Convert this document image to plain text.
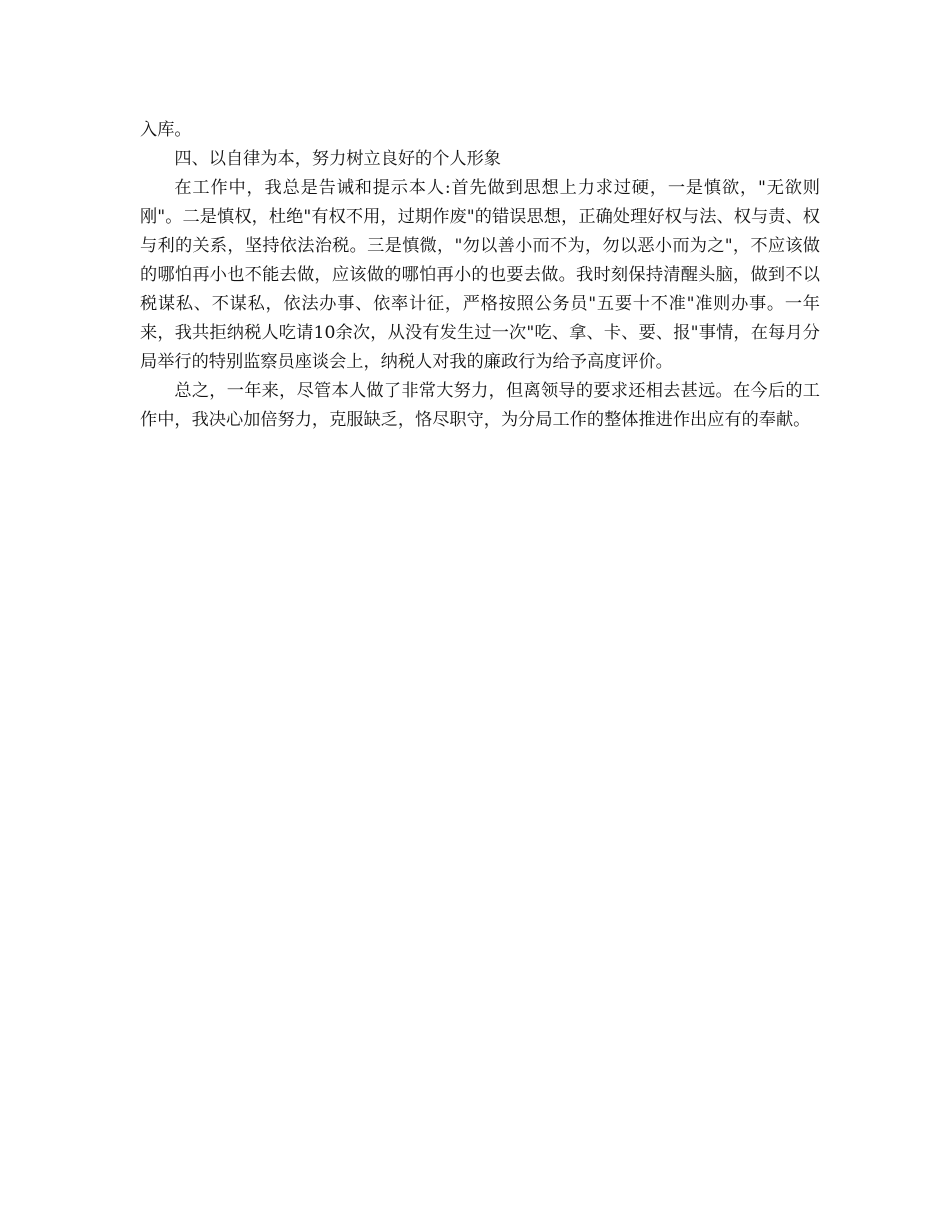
入库。

四、以自律为本，努力树立良好的个人形象

在工作中，我总是告诫和提示本人:首先做到思想上力求过硬，一是慎欲，"无欲则刚"。二是慎权，杜绝"有权不用，过期作废"的错误思想，正确处理好权与法、权与责、权与利的关系，坚持依法治税。三是慎微，"勿以善小而不为，勿以恶小而为之"，不应该做的哪怕再小也不能去做，应该做的哪怕再小的也要去做。我时刻保持清醒头脑，做到不以税谋私、不谋私，依法办事、依率计征，严格按照公务员"五要十不准"准则办事。一年来，我共拒纳税人吃请10余次，从没有发生过一次"吃、拿、卡、要、报"事情，在每月分局举行的特别监察员座谈会上，纳税人对我的廉政行为给予高度评价。

总之，一年来，尽管本人做了非常大努力，但离领导的要求还相去甚远。在今后的工作中，我决心加倍努力，克服缺乏，恪尽职守，为分局工作的整体推进作出应有的奉献。
